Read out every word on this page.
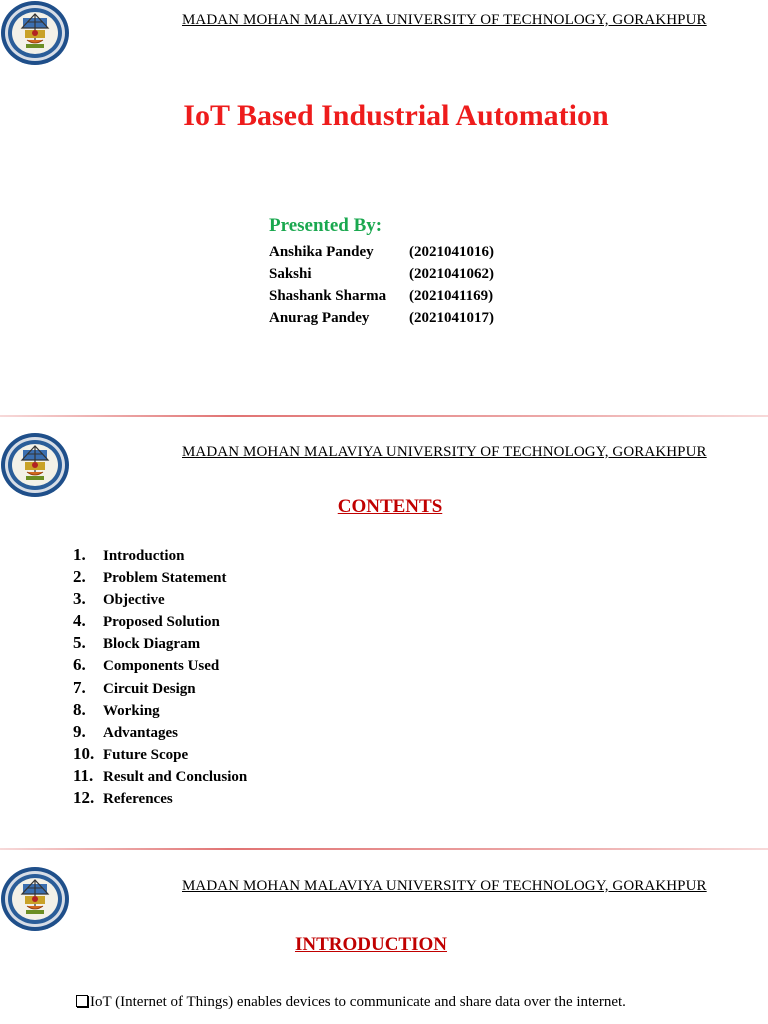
MADAN MOHAN MALAVIYA UNIVERSITY OF TECHNOLOGY, GORAKHPUR
IoT Based Industrial Automation
Presented By:
Anshika Pandey (2021041016)
Sakshi	(2021041062)
Shashank Sharma (2021041169)
Anurag Pandey	(2021041017)
MADAN MOHAN MALAVIYA UNIVERSITY OF TECHNOLOGY, GORAKHPUR
CONTENTS
1. Introduction
2. Problem Statement
3. Objective
4. Proposed Solution
5. Block Diagram
6. Components Used
7. Circuit Design
8. Working
9. Advantages
10. Future Scope
11. Result and Conclusion
12. References
MADAN MOHAN MALAVIYA UNIVERSITY OF TECHNOLOGY, GORAKHPUR
INTRODUCTION
IoT (Internet of Things) enables devices to communicate and share data over the internet.
